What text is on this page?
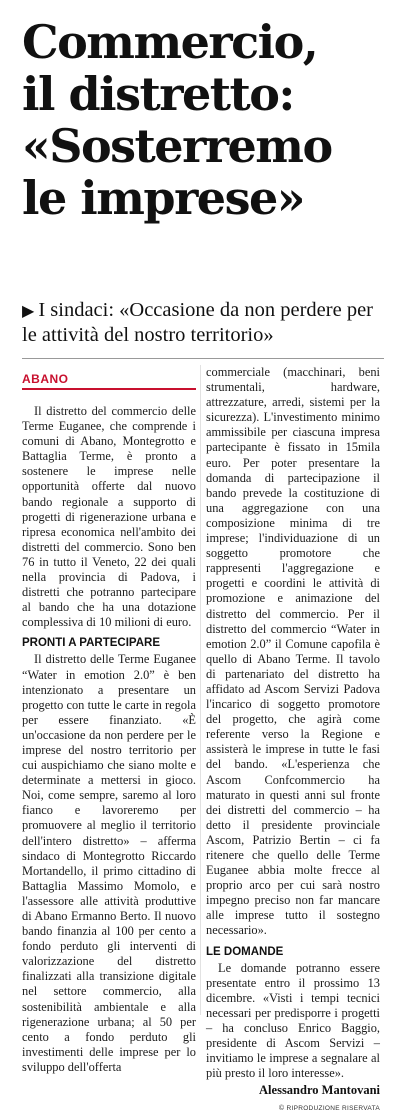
Commercio,
il distretto:
«Sosterremo
le imprese»
▶ I sindaci: «Occasione da non perdere per le attività del nostro territorio»
ABANO

Il distretto del commercio delle Terme Euganee, che comprende i comuni di Abano, Montegrotto e Battaglia Terme, è pronto a sostenere le imprese nelle opportunità offerte dal nuovo bando regionale a supporto di progetti di rigenerazione urbana e ripresa economica nell'ambito dei distretti del commercio. Sono ben 76 in tutto il Veneto, 22 dei quali nella provincia di Padova, i distretti che potranno partecipare al bando che ha una dotazione complessiva di 10 milioni di euro.

PRONTI A PARTECIPARE

Il distretto delle Terme Euganee “Water in emotion 2.0” è ben intenzionato a presentare un progetto con tutte le carte in regola per essere finanziato. «È un'occasione da non perdere per le imprese del nostro territorio per cui auspichiamo che siano molte e determinate a mettersi in gioco. Noi, come sempre, saremo al loro fianco e lavoreremo per promuovere al meglio il territorio dell'intero distretto» – afferma sindaco di Montegrotto Riccardo Mortandello, il primo cittadino di Battaglia Massimo Momolo, e l'assessore alle attività produttive di Abano Ermanno Berto. Il nuovo bando finanzia al 100 per cento a fondo perduto gli interventi di valorizzazione del distretto finalizzati alla transizione digitale nel settore commercio, alla sostenibilità ambientale e alla rigenerazione urbana; al 50 per cento a fondo perduto gli investimenti delle imprese per lo sviluppo dell'offerta

commerciale (macchinari, beni strumentali, hardware, attrezzature, arredi, sistemi per la sicurezza). L'investimento minimo ammissibile per ciascuna impresa partecipante è fissato in 15mila euro. Per poter presentare la domanda di partecipazione il bando prevede la costituzione di una aggregazione con una composizione minima di tre imprese; l'individuazione di un soggetto promotore che rappresenti l'aggregazione e progetti e coordini le attività di promozione e animazione del distretto del commercio. Per il distretto del commercio “Water in emotion 2.0” il Comune capofila è quello di Abano Terme. Il tavolo di partenariato del distretto ha affidato ad Ascom Servizi Padova l'incarico di soggetto promotore del progetto, che agirà come referente verso la Regione e assisterà le imprese in tutte le fasi del bando. «L'esperienza che Ascom Confcommercio ha maturato in questi anni sul fronte dei distretti del commercio – ha detto il presidente provinciale Ascom, Patrizio Bertin – ci fa ritenere che quello delle Terme Euganee abbia molte frecce al proprio arco per cui sarà nostro impegno preciso non far mancare alle imprese tutto il sostegno necessario».

LE DOMANDE

Le domande potranno essere presentate entro il prossimo 13 dicembre. «Visti i tempi tecnici necessari per predisporre i progetti – ha concluso Enrico Baggio, presidente di Ascom Servizi – invitiamo le imprese a segnalare al più presto il loro interesse».

Alessandro Mantovani
© RIPRODUZIONE RISERVATA
